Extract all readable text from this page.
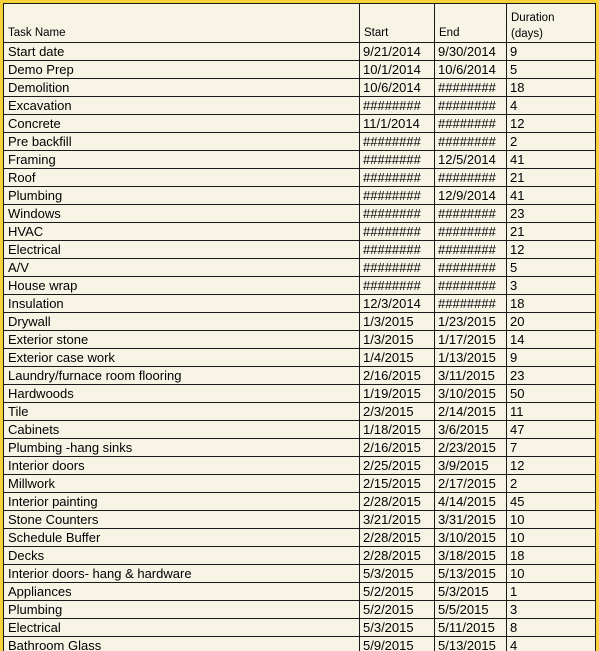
Task Name	Start	End	Duration
(days)
Start date	9/21/2014	9/30/2014	9
Demo Prep	10/1/2014	10/6/2014	5
Demolition	10/6/2014	########	18
Excavation	########	########	4
Concrete	11/1/2014	########	12
Pre backfill	########	########	2
Framing	########	12/5/2014	41
Roof	########	########	21
Plumbing	########	12/9/2014	41
Windows	########	########	23
HVAC	########	########	21
Electrical	########	########	12
A/V	########	########	5
House wrap	########	########	3
Insulation	12/3/2014	########	18
Drywall	1/3/2015	1/23/2015	20
Exterior stone	1/3/2015	1/17/2015	14
Exterior case work	1/4/2015	1/13/2015	9
Laundry/furnace room flooring	2/16/2015	3/11/2015	23
Hardwoods	1/19/2015	3/10/2015	50
Tile	2/3/2015	2/14/2015	11
Cabinets	1/18/2015	3/6/2015	47
Plumbing -hang sinks	2/16/2015	2/23/2015	7
Interior doors	2/25/2015	3/9/2015	12
Millwork	2/15/2015	2/17/2015	2
Interior painting	2/28/2015	4/14/2015	45
Stone Counters	3/21/2015	3/31/2015	10
Schedule Buffer	2/28/2015	3/10/2015	10
Decks	2/28/2015	3/18/2015	18
Interior doors- hang & hardware	5/3/2015	5/13/2015	10
Appliances	5/2/2015	5/3/2015	1
Plumbing	5/2/2015	5/5/2015	3
Electrical	5/3/2015	5/11/2015	8
Bathroom Glass	5/9/2015	5/13/2015	4
